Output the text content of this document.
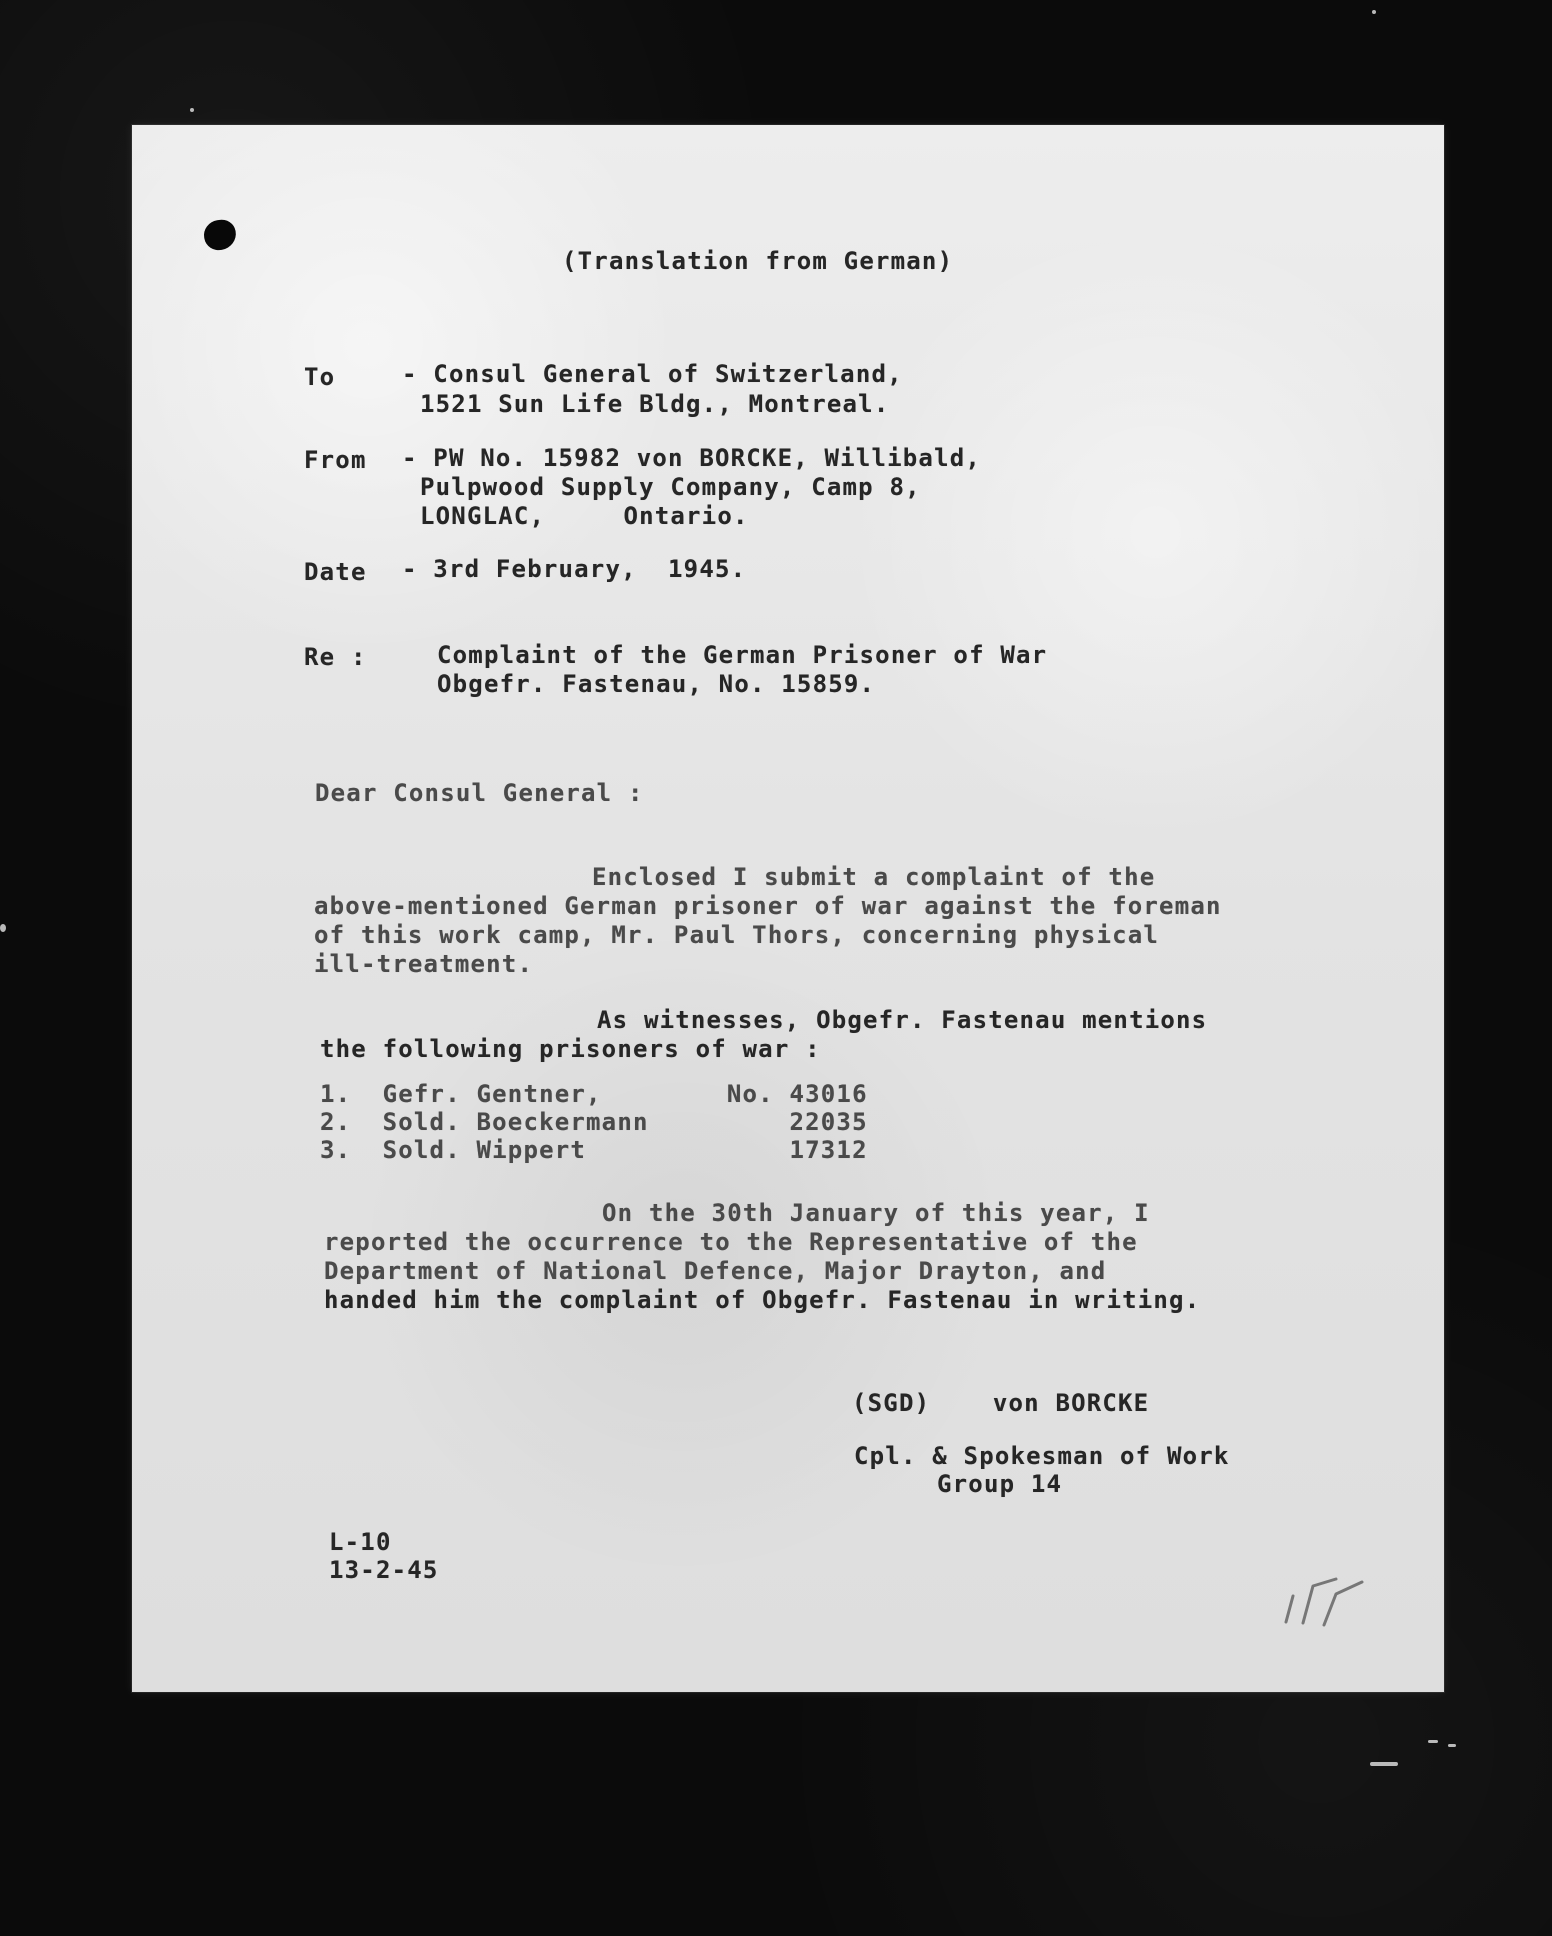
(Translation from German)
To	- Consul General of Switzerland,
1521 Sun Life Bldg., Montreal.
From - PW No. 15982 von BORCKE, Willibald,
Pulpwood Supply Company, Camp 8,
LONGLAC,     Ontario.
Date - 3rd February,  1945.
Re :	Complaint of the German Prisoner of War
Obgefr. Fastenau, No. 15859.
Dear Consul General :
Enclosed I submit a complaint of the
above-mentioned German prisoner of war against the foreman
of this work camp, Mr. Paul Thors, concerning physical
ill-treatment.
As witnesses, Obgefr. Fastenau mentions
the following prisoners of war :
1.  Gefr. Gentner,        No. 43016
2.  Sold. Boeckermann         22035
3.  Sold. Wippert             17312
On the 30th January of this year, I
reported the occurrence to the Representative of the
Department of National Defence, Major Drayton, and
handed him the complaint of Obgefr. Fastenau in writing.
(SGD)    von BORCKE
Cpl. & Spokesman of Work
Group 14
L-10
13-2-45
